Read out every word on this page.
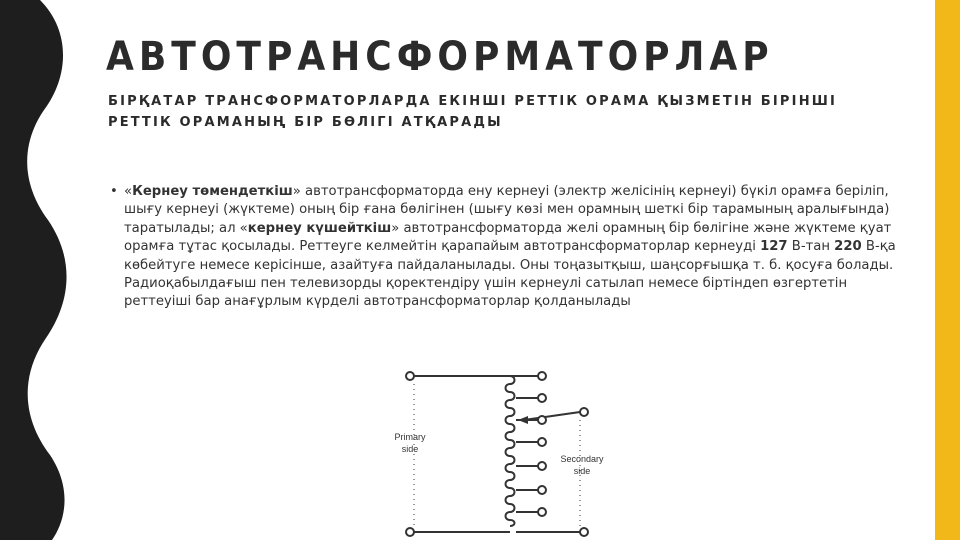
АВТОТРАНСФОРМАТОРЛАР
БІРҚАТАР ТРАНСФОРМАТОРЛАРДА ЕКІНШІ РЕТТІК ОРАМА ҚЫЗМЕТІН БІРІНШІ РЕТТІК ОРАМАНЫҢ БІР БӨЛІГІ АТҚАРАДЫ
• «Кернеу төмендеткіш» автотрансформаторда ену кернеуі (электр желісінің кернеуі) бүкіл орамға беріліп, шығу кернеуі (жүктеме) оның бір ғана бөлігінен (шығу көзі мен орамның шеткі бір тарамының аралығында) таратылады; ал «кернеу күшейткіш» автотрансформаторда желі орамның бір бөлігіне және жүктеме қуат орамға тұтас қосылады. Реттеуге келмейтін қарапайым автотрансформаторлар кернеуді 127 В-тан 220 В-қа көбейтуге немесе керісінше, азайтуға пайдаланылады. Оны тоңазытқыш, шаңсорғышқа т. б. қосуға болады. Радиоқабылдағыш пен телевизорды қоректендіру үшін кернеулі сатылап немесе біртіндеп өзгертетін реттеуіші бар анағұрлым күрделі автотрансформаторлар қолданылады
Primary
side
Secondary
side
